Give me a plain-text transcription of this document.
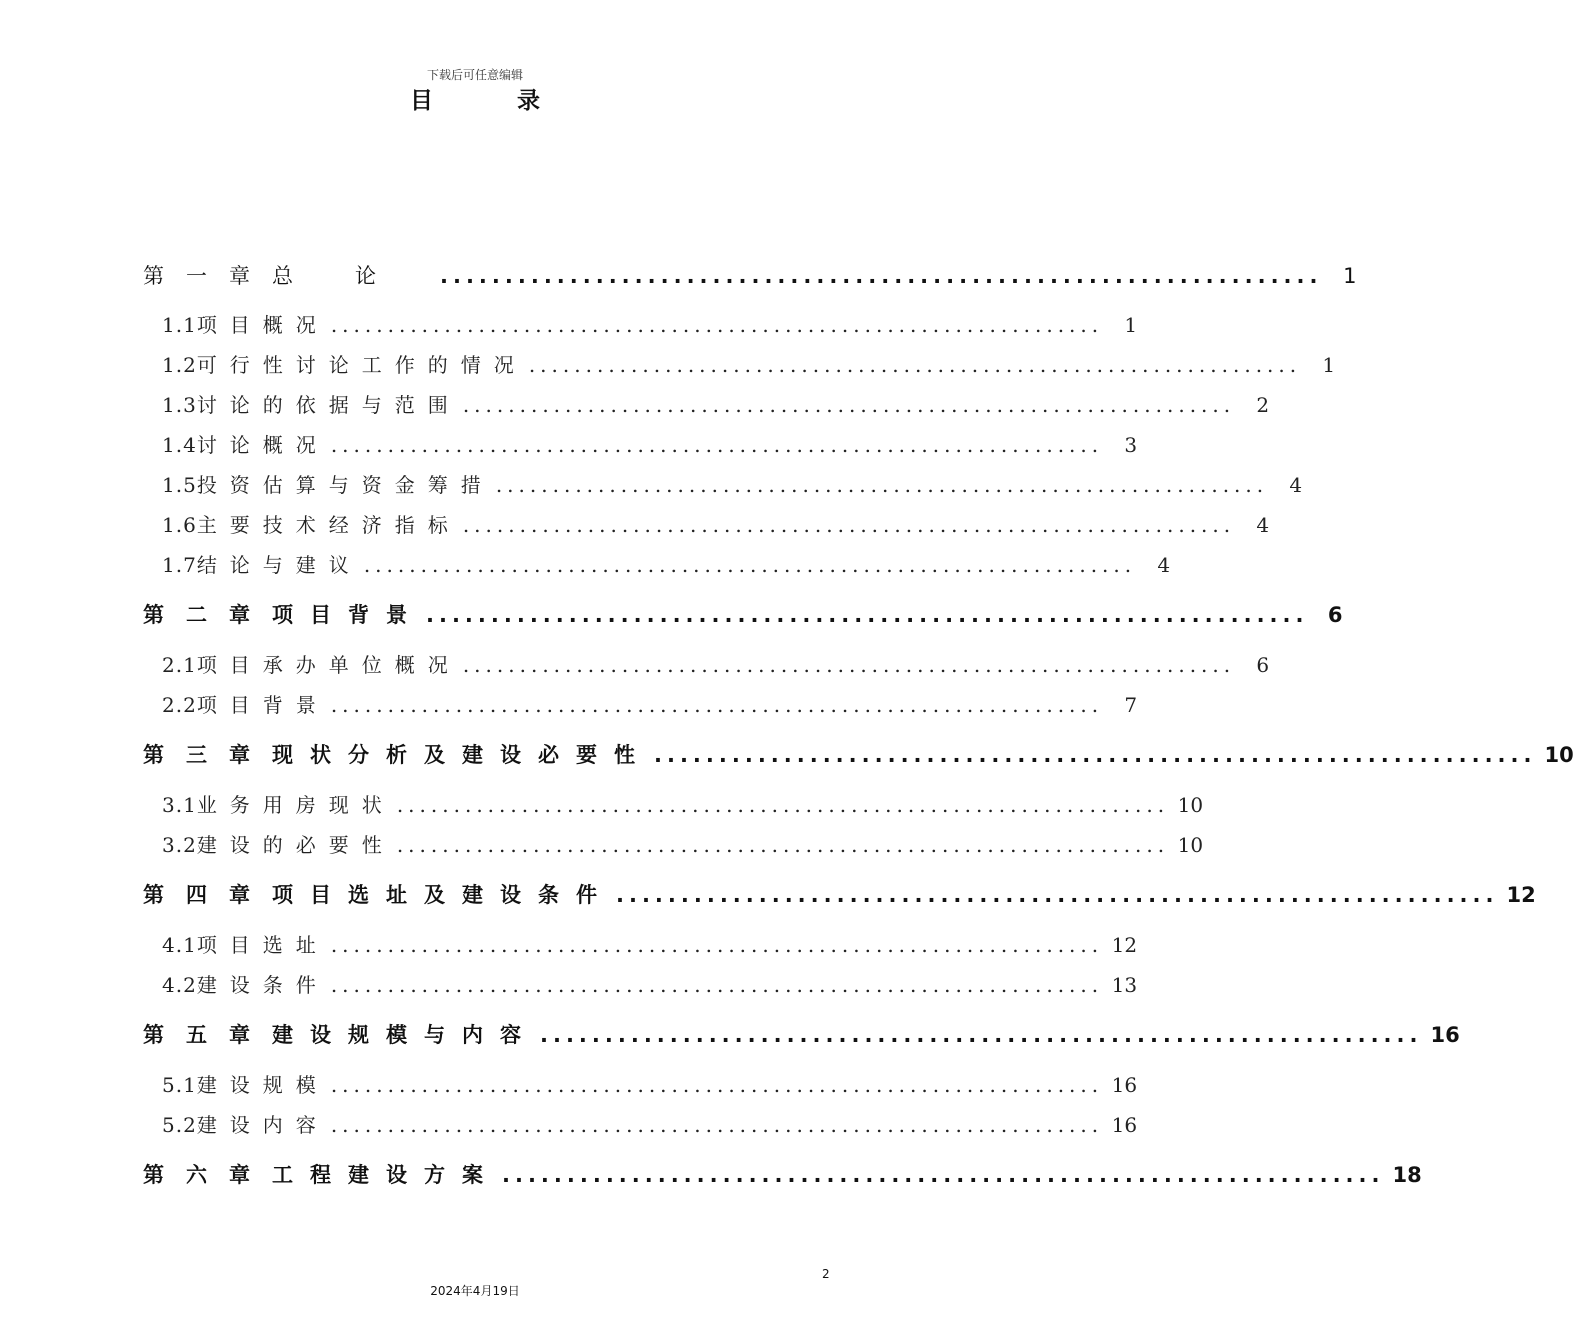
下载后可任意编辑
目录
第一章 总论 .................................................................... 1
1.1 项目概况 ....................................................................	1
1.2 可行性讨论工作的情况 ....................................................................	1
1.3 讨论的依据与范围 ....................................................................	2
1.4 讨论概况 ....................................................................	3
1.5 投资估算与资金筹措 ....................................................................	4
1.6 主要技术经济指标 ....................................................................	4
1.7 结论与建议 ....................................................................	4
第二章 项目背景 .................................................................... 6
2.1 项目承办单位概况 ....................................................................	6
2.2 项目背景 ....................................................................	7
第三章 现状分析及建设必要性 .................................................................... 10
3.1 业务用房现状 .................................................................... 10
3.2 建设的必要性 .................................................................... 10
第四章 项目选址及建设条件 .................................................................... 12
4.1 项目选址 .................................................................... 12
4.2 建设条件 .................................................................... 13
第五章 建设规模与内容 .................................................................... 16
5.1 建设规模 .................................................................... 16
5.2 建设内容 .................................................................... 16
第六章 工程建设方案 .................................................................... 18
2
2024年4月19日
